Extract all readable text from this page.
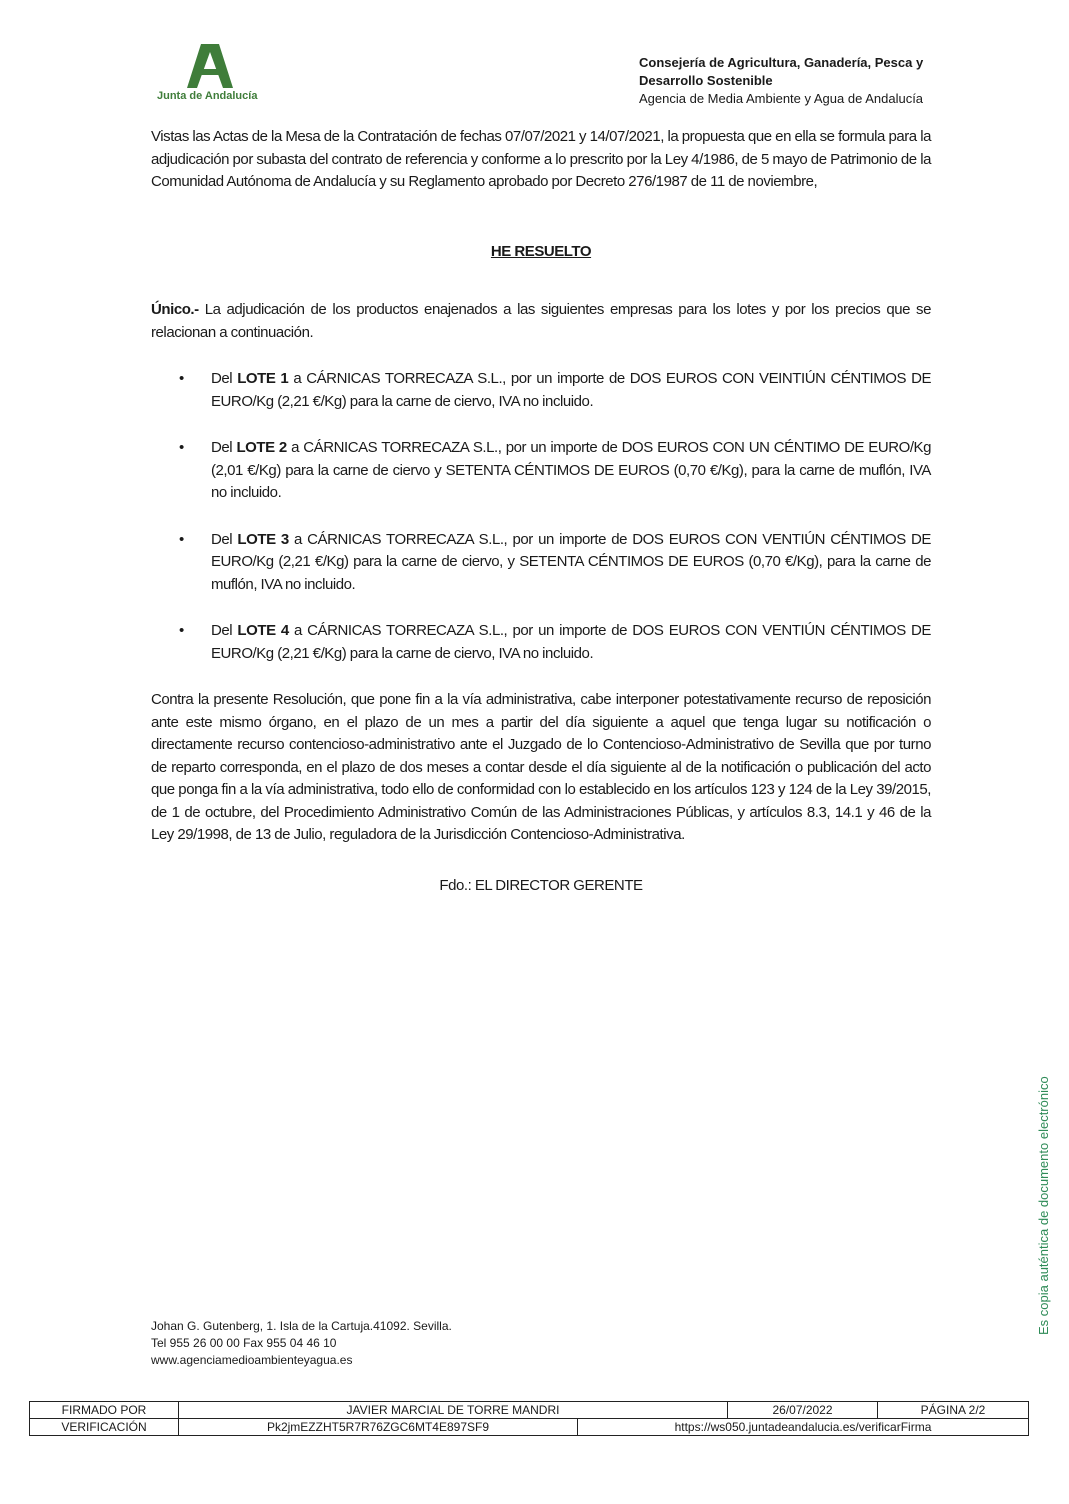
Junta de Andalucía
Consejería de Agricultura, Ganadería, Pesca y
Desarrollo Sostenible
Agencia de Media Ambiente y Agua de Andalucía

Vistas las Actas de la Mesa de la Contratación de fechas 07/07/2021 y 14/07/2021, la propuesta que en ella se formula para la adjudicación por subasta del contrato de referencia y conforme a lo prescrito por la Ley 4/1986, de 5 mayo de Patrimonio de la Comunidad Autónoma de Andalucía y su Reglamento aprobado por Decreto 276/1987 de 11 de noviembre,

HE RESUELTO

Único.- La adjudicación de los productos enajenados a las siguientes empresas para los lotes y por los precios que se relacionan a continuación.

• Del LOTE 1 a CÁRNICAS TORRECAZA S.L., por un importe de DOS EUROS CON VEINTIÚN CÉNTIMOS DE EURO/Kg (2,21 €/Kg) para la carne de ciervo, IVA no incluido.
• Del LOTE 2 a CÁRNICAS TORRECAZA S.L., por un importe de DOS EUROS CON UN CÉNTIMO DE EURO/Kg (2,01 €/Kg) para la carne de ciervo y SETENTA CÉNTIMOS DE EUROS (0,70 €/Kg), para la carne de muflón, IVA no incluido.
• Del LOTE 3 a CÁRNICAS TORRECAZA S.L., por un importe de DOS EUROS CON VENTIÚN CÉNTIMOS DE EURO/Kg (2,21 €/Kg) para la carne de ciervo, y SETENTA CÉNTIMOS DE EUROS (0,70 €/Kg), para la carne de muflón, IVA no incluido.
• Del LOTE 4 a CÁRNICAS TORRECAZA S.L., por un importe de DOS EUROS CON VENTIÚN CÉNTIMOS DE EURO/Kg (2,21 €/Kg) para la carne de ciervo, IVA no incluido.

Contra la presente Resolución, que pone fin a la vía administrativa, cabe interponer potestativamente recurso de reposición ante este mismo órgano, en el plazo de un mes a partir del día siguiente a aquel que tenga lugar su notificación o directamente recurso contencioso-administrativo ante el Juzgado de lo Contencioso-Administrativo de Sevilla que por turno de reparto corresponda, en el plazo de dos meses a contar desde el día siguiente al de la notificación o publicación del acto que ponga fin a la vía administrativa, todo ello de conformidad con lo establecido en los artículos 123 y 124 de la Ley 39/2015, de 1 de octubre, del Procedimiento Administrativo Común de las Administraciones Públicas, y artículos 8.3, 14.1 y 46 de la Ley 29/1998, de 13 de Julio, reguladora de la Jurisdicción Contencioso-Administrativa.

Fdo.: EL DIRECTOR GERENTE

Johan G. Gutenberg, 1. Isla de la Cartuja.41092. Sevilla.
Tel 955 26 00 00 Fax 955 04 46 10
www.agenciamedioambienteyagua.es
Es copia auténtica de documento electrónico
FIRMADO POR	JAVIER MARCIAL DE TORRE MANDRI		26/07/2022	PÁGINA 2/2
VERIFICACIÓN	Pk2jmEZZHT5R7R76ZGC6MT4E897SF9	https://ws050.juntadeandalucia.es/verificarFirma		
